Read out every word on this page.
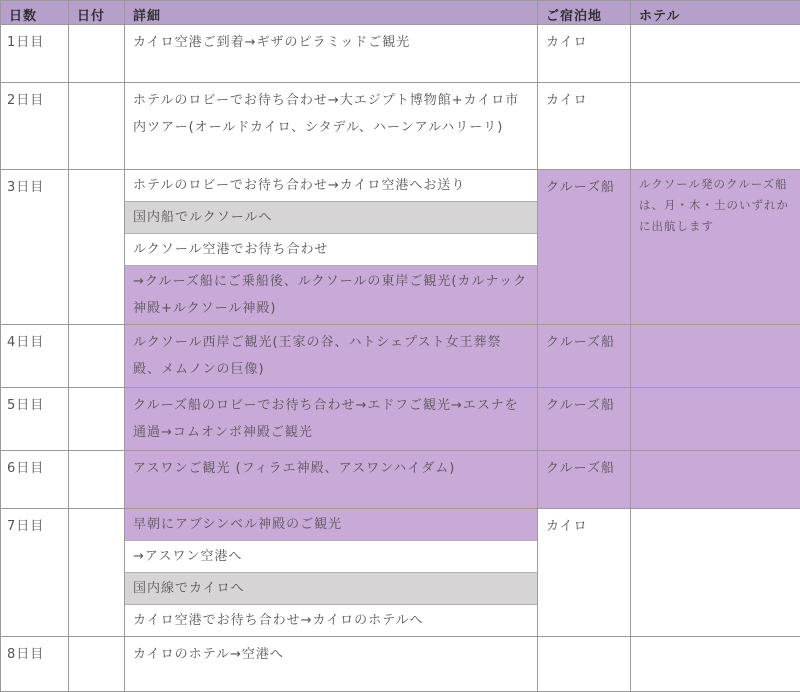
日数	日付	詳細	ご宿泊地	ホテル

1日目		カイロ空港ご到着→ギザのピラミッドご観光	カイロ	

2日目		ホテルのロビーでお待ち合わせ→大エジプト博物館+カイロ市内ツアー(オールドカイロ、シタデル、ハーンアルハリーリ)	カイロ	

3日目		ホテルのロビーでお待ち合わせ→カイロ空港へお送り
国内船でルクソールへ
ルクソール空港でお待ち合わせ
→クルーズ船にご乗船後、ルクソールの東岸ご観光(カルナック神殿+ルクソール神殿)	クルーズ船	ルクソール発のクルーズ船は、月・木・土のいずれかに出航します

4日目		ルクソール西岸ご観光(王家の谷、ハトシェプスト女王葬祭殿、メムノンの巨像)	クルーズ船	

5日目		クルーズ船のロビーでお待ち合わせ→エドフご観光→エスナを通過→コムオンボ神殿ご観光	クルーズ船	

6日目		アスワンご観光 (フィラエ神殿、アスワンハイダム)	クルーズ船	

7日目		早朝にアブシンベル神殿のご観光
→アスワン空港へ
国内線でカイロへ
カイロ空港でお待ち合わせ→カイロのホテルへ	カイロ	

8日目		カイロのホテル→空港へ		
